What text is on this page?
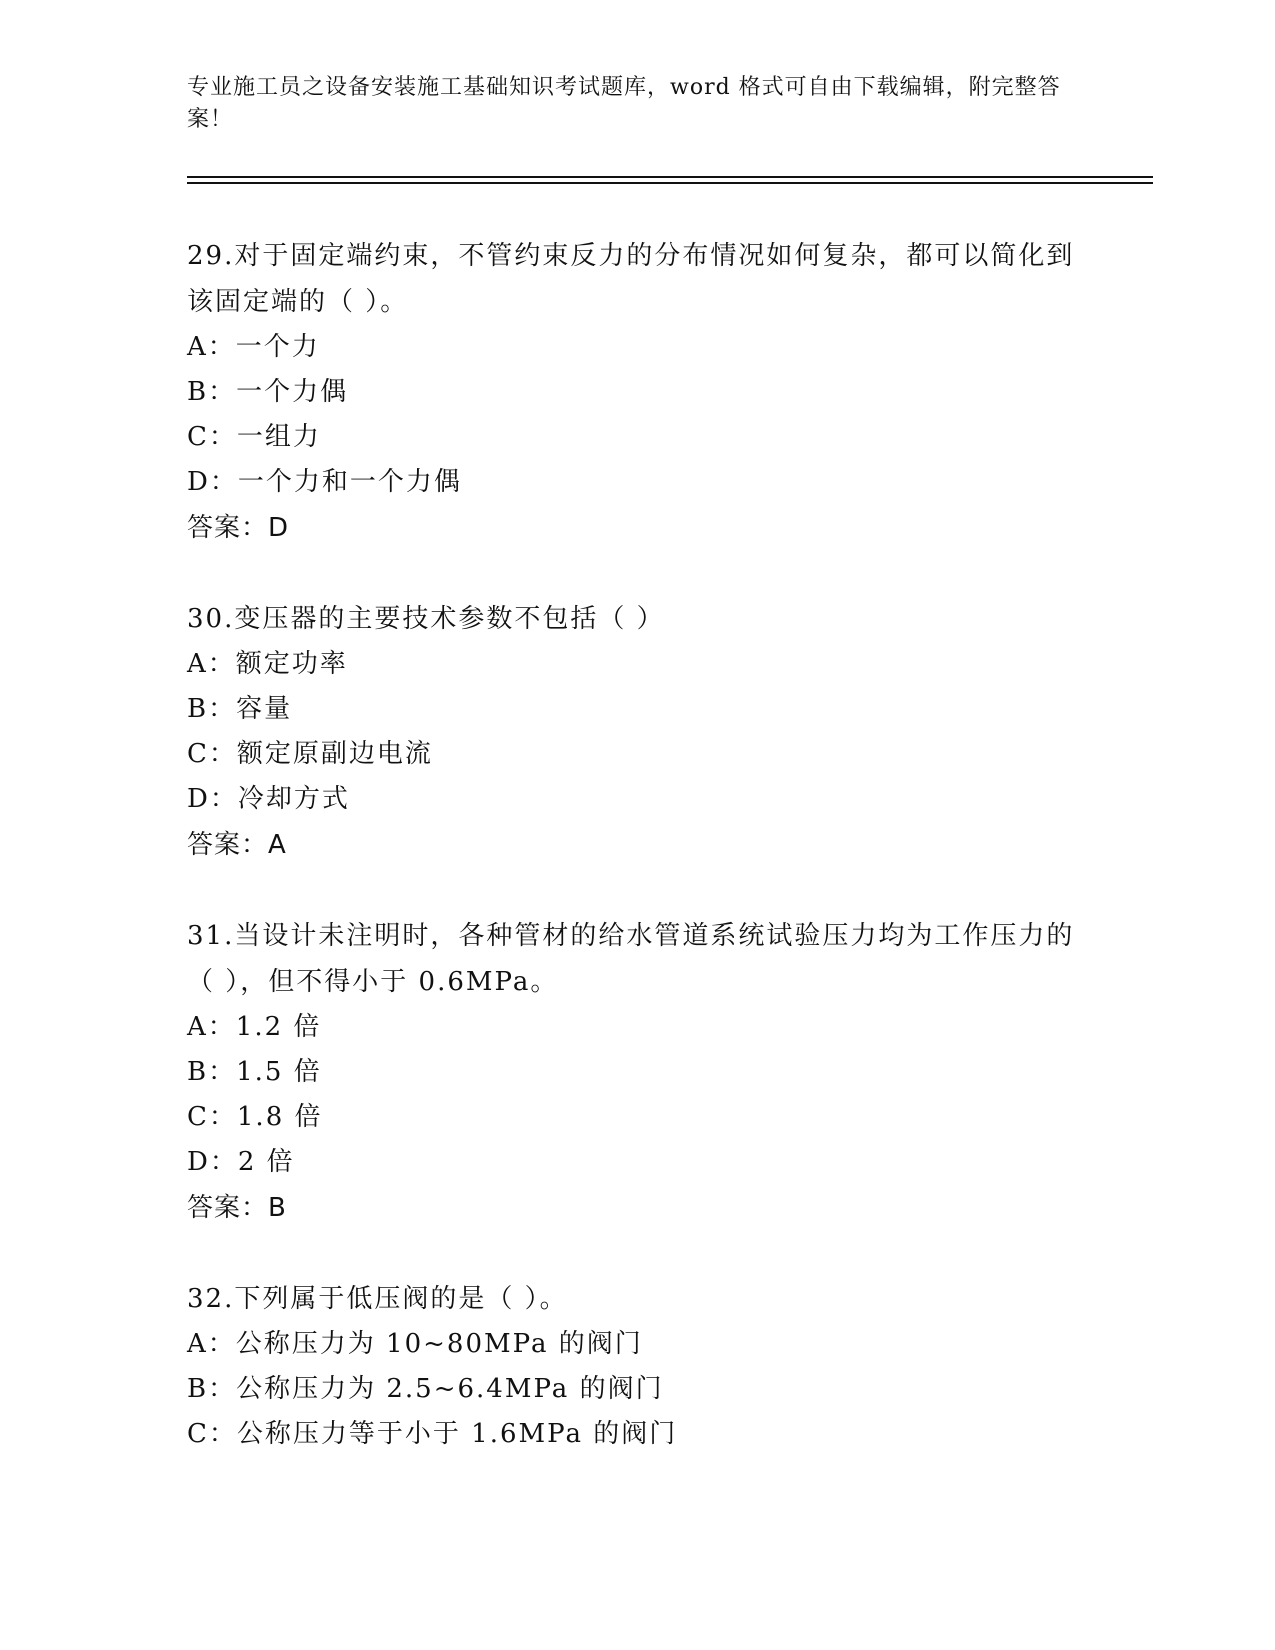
专业施工员之设备安装施工基础知识考试题库，word 格式可自由下载编辑，附完整答案！

29.对于固定端约束，不管约束反力的分布情况如何复杂，都可以简化到该固定端的（ ）。

A：一个力

B：一个力偶

C：一组力

D：一个力和一个力偶

答案：D

30.变压器的主要技术参数不包括（ ）

A：额定功率

B：容量

C：额定原副边电流

D：冷却方式

答案：A

31.当设计未注明时，各种管材的给水管道系统试验压力均为工作压力的（ ），但不得小于 0.6MPa。

A：1.2 倍

B：1.5 倍

C：1.8 倍

D：2 倍

答案：B

32.下列属于低压阀的是（ ）。

A：公称压力为 10~80MPa 的阀门

B：公称压力为 2.5~6.4MPa 的阀门

C：公称压力等于小于 1.6MPa 的阀门
